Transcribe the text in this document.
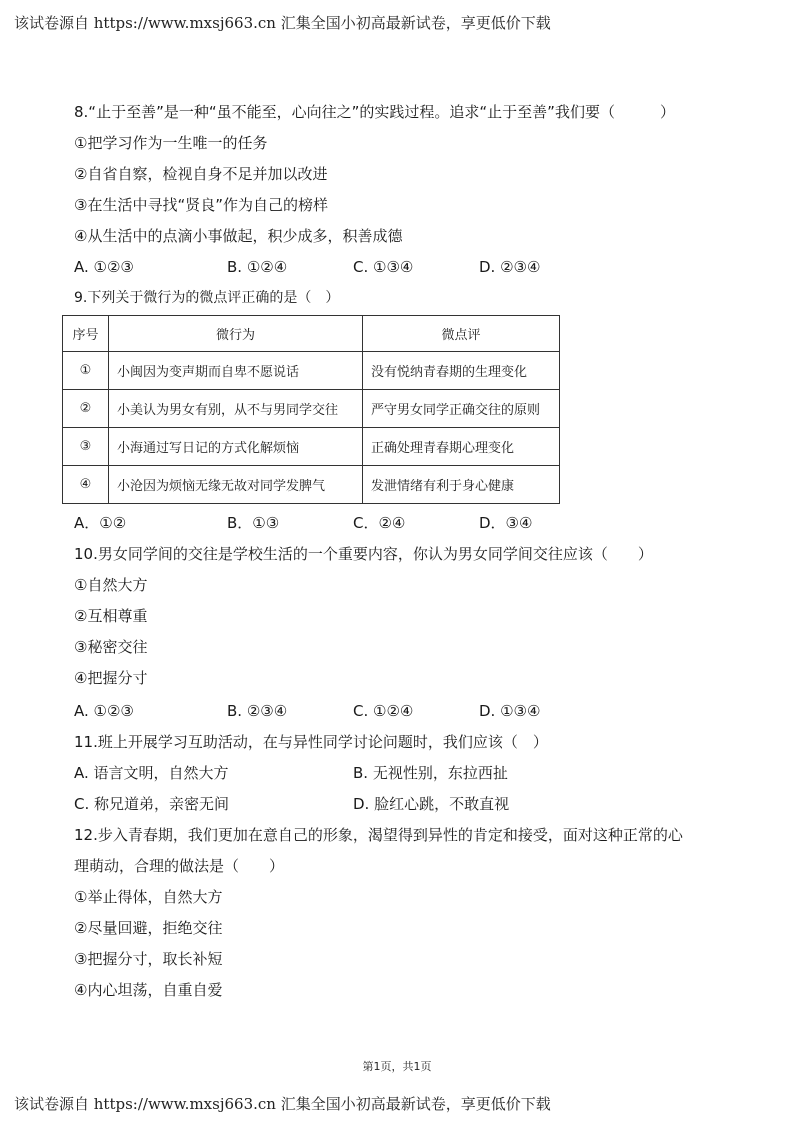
该试卷源自 https://www.mxsj663.cn 汇集全国小初高最新试卷，享更低价下载
8.“止于至善”是一种“虽不能至，心向往之”的实践过程。追求“止于至善”我们要（　　　）
①把学习作为一生唯一的任务
②自省自察，检视自身不足并加以改进
③在生活中寻找“贤良”作为自己的榜样
④从生活中的点滴小事做起，积少成多，积善成德
A. ①②③	B. ①②④	C. ①③④	D. ②③④
9.下列关于微行为的微点评正确的是（　）
序号	微行为	微点评
①	小闽因为变声期而自卑不愿说话	没有悦纳青春期的生理变化
②	小美认为男女有别，从不与男同学交往	严守男女同学正确交往的原则
③	小海通过写日记的方式化解烦恼	正确处理青春期心理变化
④	小沧因为烦恼无缘无故对同学发脾气	发泄情绪有利于身心健康
A．①②	B．①③	C．②④	D．③④
10.男女同学间的交往是学校生活的一个重要内容，你认为男女同学间交往应该（　　）
①自然大方
②互相尊重
③秘密交往
④把握分寸
A. ①②③	B. ②③④	C. ①②④	D. ①③④
11.班上开展学习互助活动，在与异性同学讨论问题时，我们应该（　）
A. 语言文明，自然大方	B. 无视性别，东拉西扯
C. 称兄道弟，亲密无间	D. 脸红心跳，不敢直视
12.步入青春期，我们更加在意自己的形象，渴望得到异性的肯定和接受，面对这种正常的心
理萌动，合理的做法是（　　）
①举止得体，自然大方
②尽量回避，拒绝交往
③把握分寸，取长补短
④内心坦荡，自重自爱
第1页，共1页
该试卷源自 https://www.mxsj663.cn 汇集全国小初高最新试卷，享更低价下载
